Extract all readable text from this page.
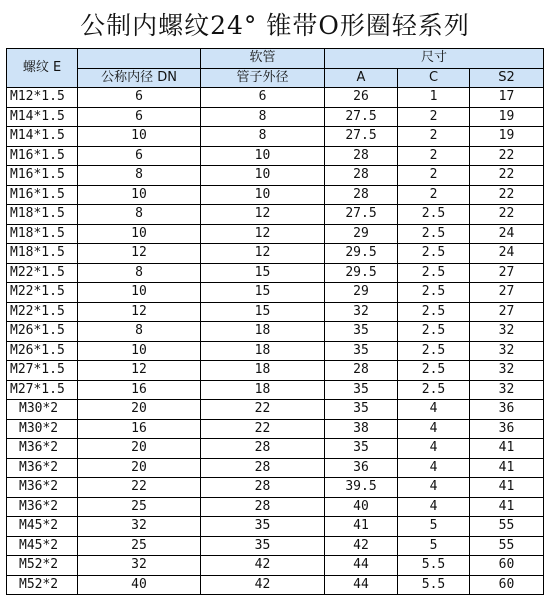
公制内螺纹24° 锥带O形圈轻系列
螺纹 E		软管	尺寸		
	公称内径 DN	管子外径	A	C	S2
M12*1.5	6	6	26	1	17
M14*1.5	6	8	27.5	2	19
M14*1.5	10	8	27.5	2	19
M16*1.5	6	10	28	2	22
M16*1.5	8	10	28	2	22
M16*1.5	10	10	28	2	22
M18*1.5	8	12	27.5	2.5	22
M18*1.5	10	12	29	2.5	24
M18*1.5	12	12	29.5	2.5	24
M22*1.5	8	15	29.5	2.5	27
M22*1.5	10	15	29	2.5	27
M22*1.5	12	15	32	2.5	27
M26*1.5	8	18	35	2.5	32
M26*1.5	10	18	35	2.5	32
M27*1.5	12	18	28	2.5	32
M27*1.5	16	18	35	2.5	32
M30*2	20	22	35	4	36
M30*2	16	22	38	4	36
M36*2	20	28	35	4	41
M36*2	20	28	36	4	41
M36*2	22	28	39.5	4	41
M36*2	25	28	40	4	41
M45*2	32	35	41	5	55
M45*2	25	35	42	5	55
M52*2	32	42	44	5.5	60
M52*2	40	42	44	5.5	60
